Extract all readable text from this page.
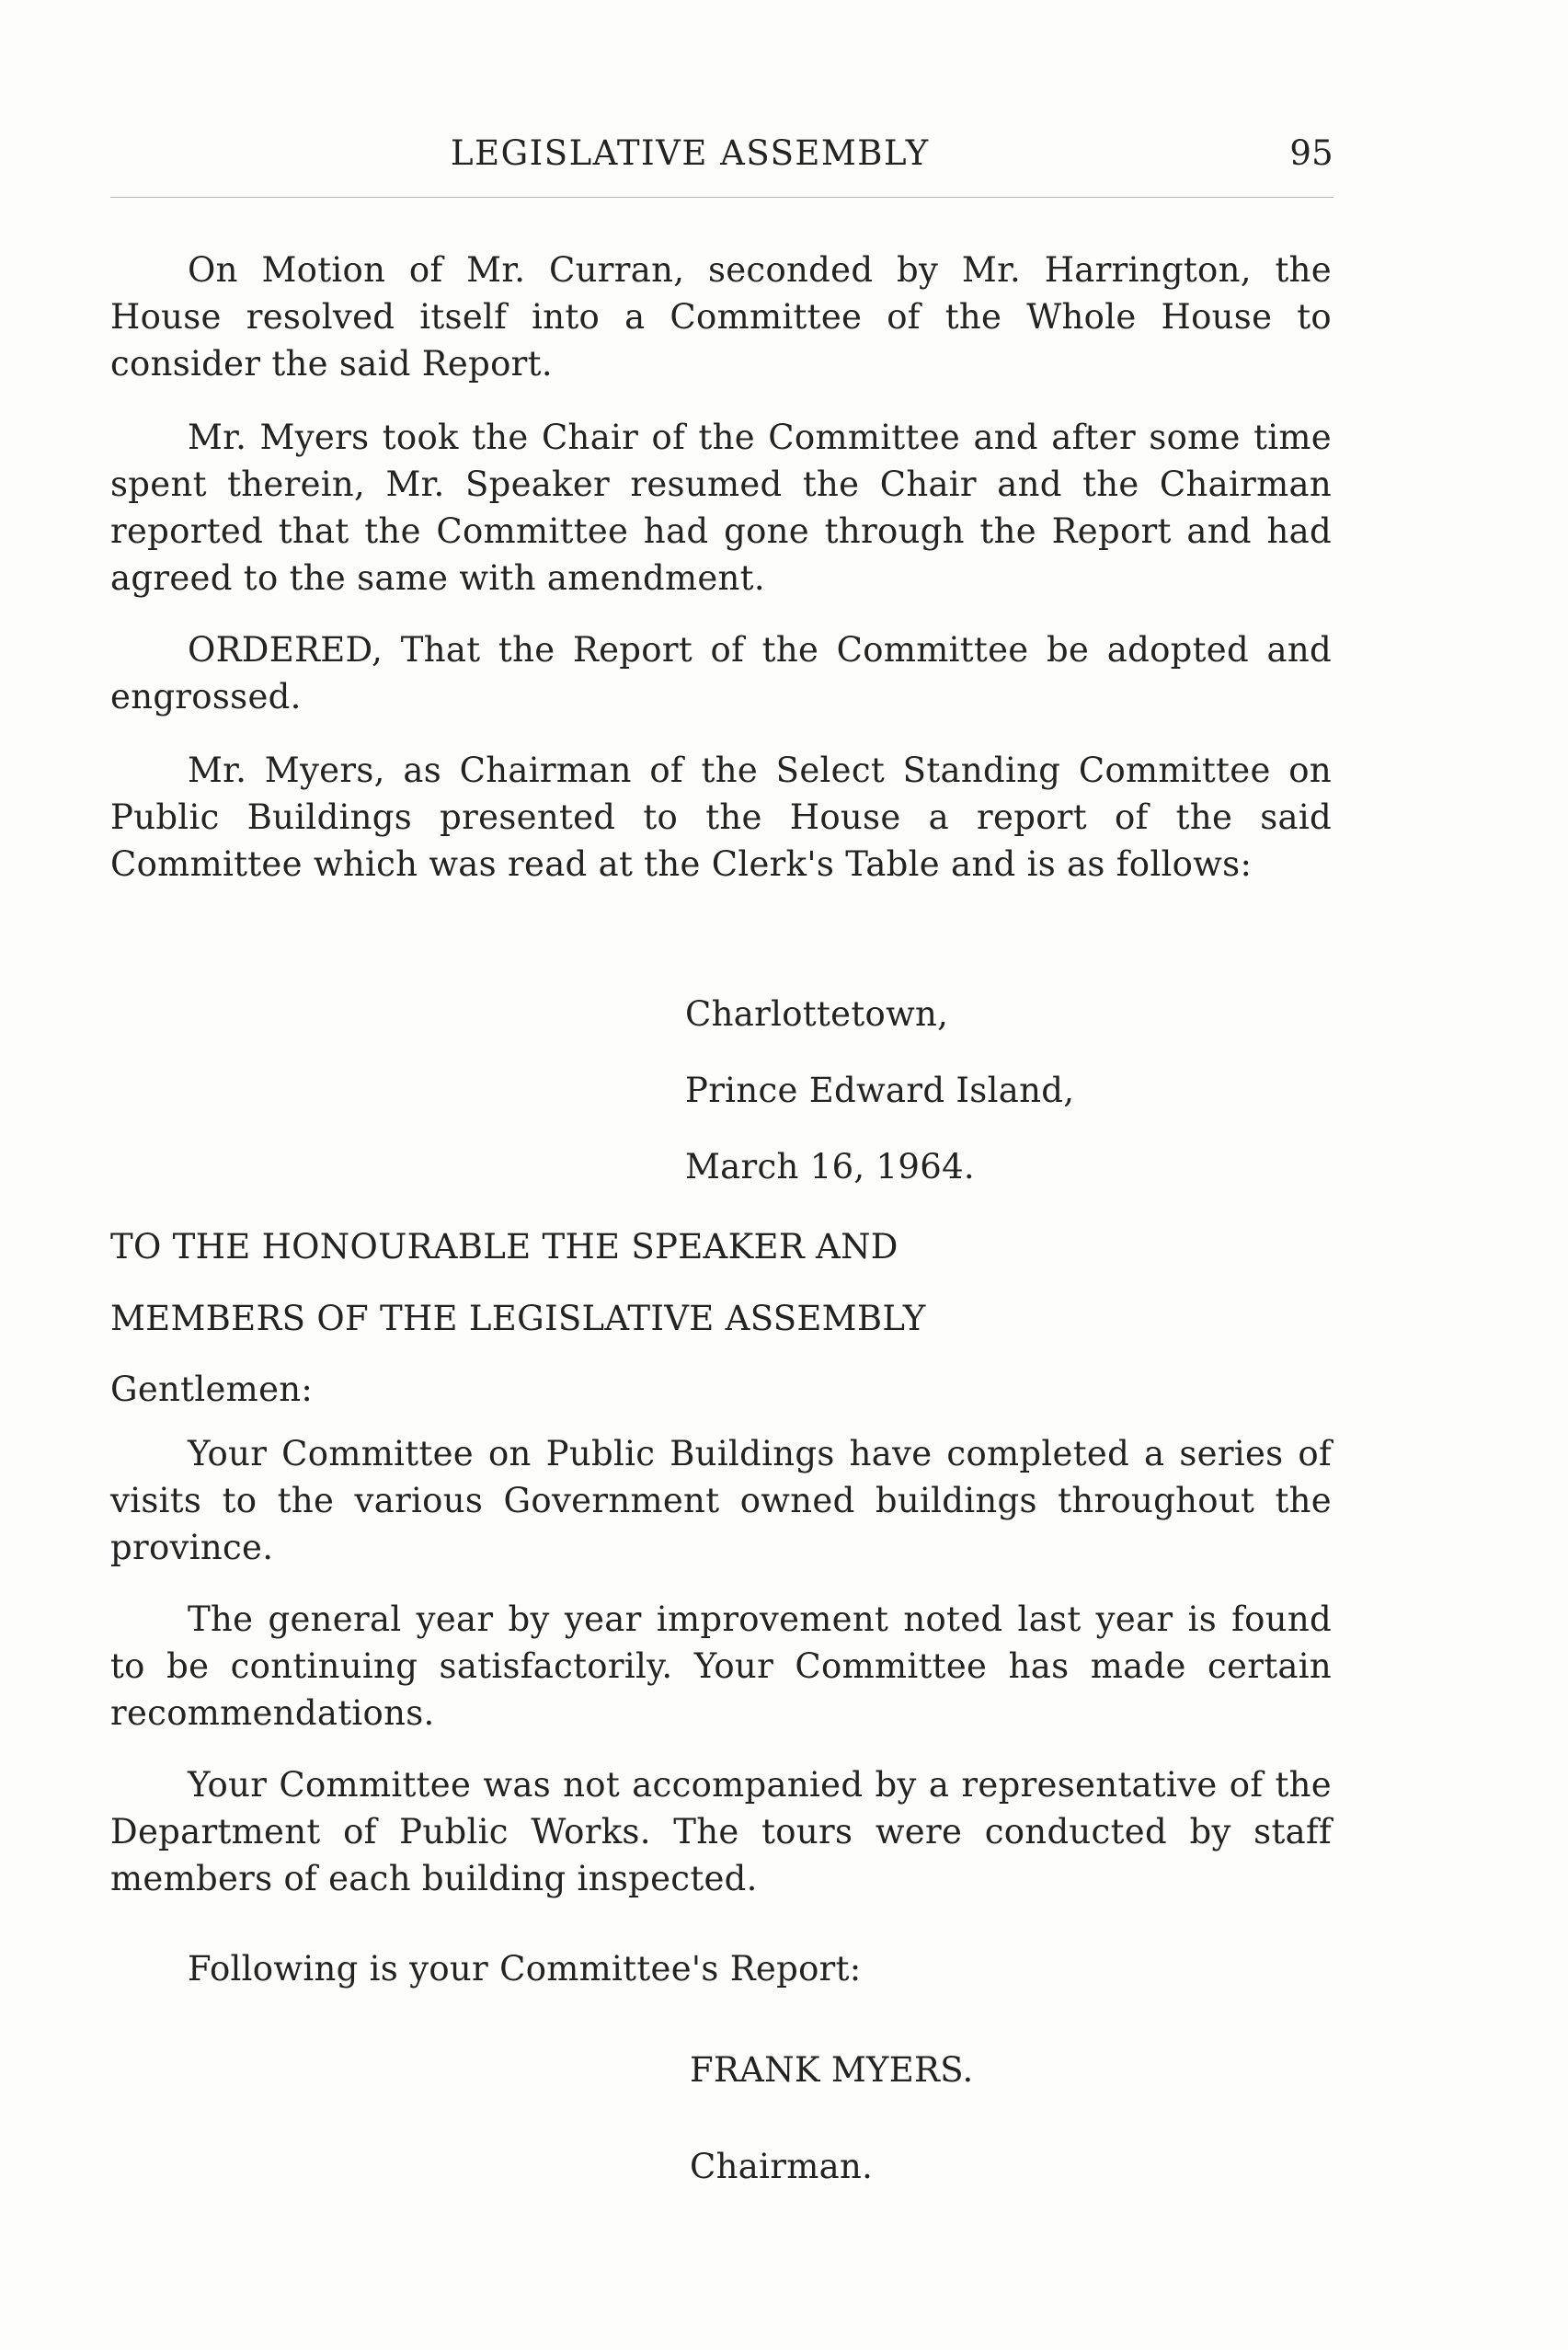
LEGISLATIVE ASSEMBLY	95

On Motion of Mr. Curran, seconded by Mr. Harrington, the House resolved itself into a Committee of the Whole House to consider the said Report.

Mr. Myers took the Chair of the Committee and after some time spent therein, Mr. Speaker resumed the Chair and the Chairman reported that the Committee had gone through the Report and had agreed to the same with amendment.

ORDERED, That the Report of the Committee be adopted and engrossed.

Mr. Myers, as Chairman of the Select Standing Committee on Public Buildings presented to the House a report of the said Committee which was read at the Clerk's Table and is as follows:

Charlottetown,

Prince Edward Island,

March 16, 1964.

TO THE HONOURABLE THE SPEAKER AND

MEMBERS OF THE LEGISLATIVE ASSEMBLY

Gentlemen:

Your Committee on Public Buildings have completed a series of visits to the various Government owned buildings throughout the province.

The general year by year improvement noted last year is found to be continuing satisfactorily. Your Committee has made certain recommendations.

Your Committee was not accompanied by a representative of the Department of Public Works. The tours were conducted by staff members of each building inspected.

Following is your Committee's Report:

FRANK MYERS.

Chairman.
